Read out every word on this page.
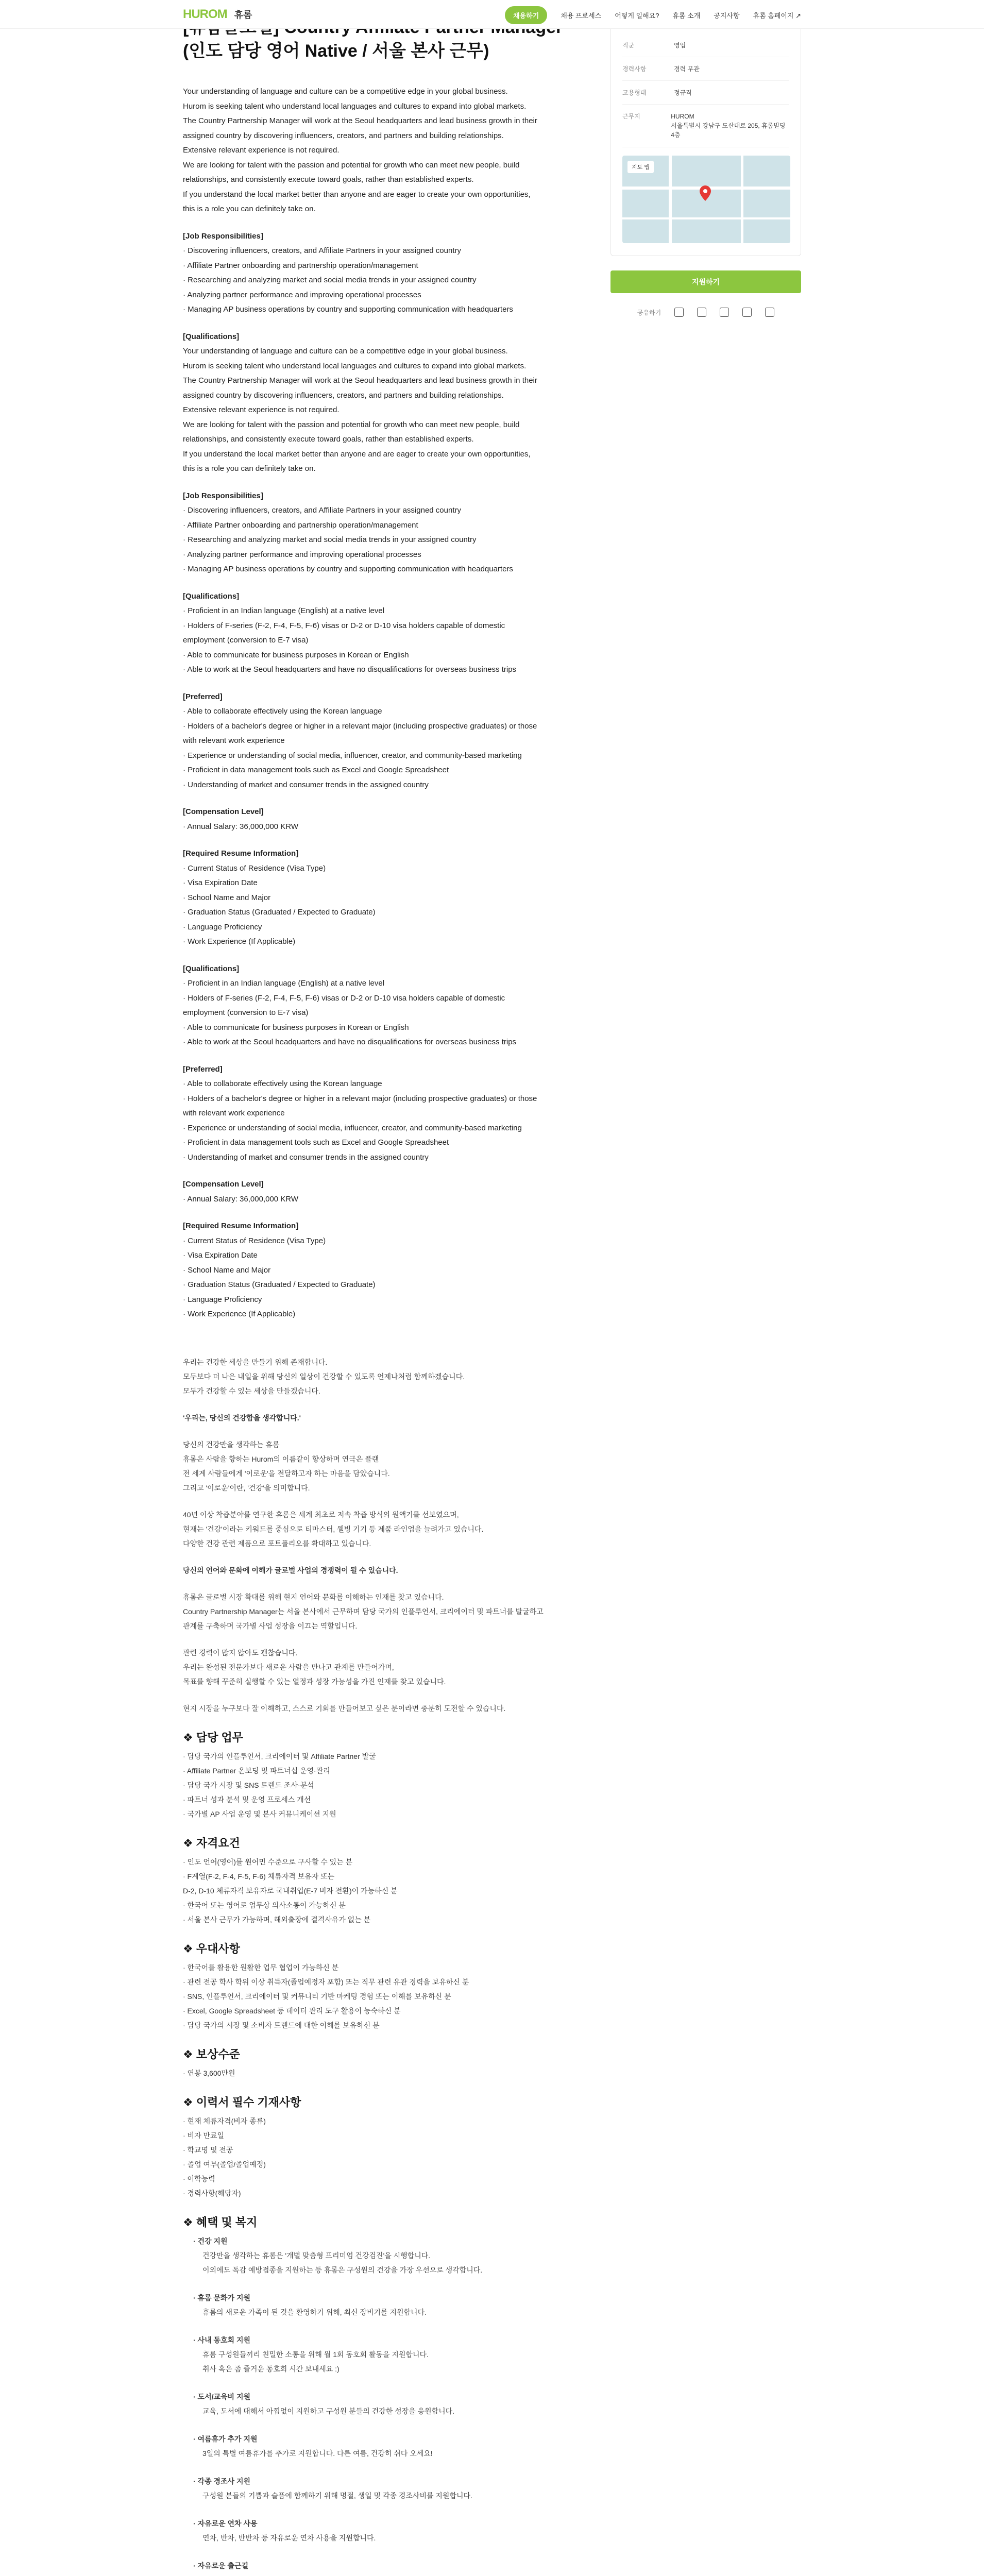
HUROM 휴롬	채용하기	채용 프로세스 어떻게 일해요? 휴롬 소개 공지사항 휴롬 홈페이지 ↗
(인도 담당 영어 Native / 서울 본사 근무)
Your understanding of language and culture can be a competitive edge in your global business.
Hurom is seeking talent who understand local languages and cultures to expand into global markets.
The Country Partnership Manager will work at the Seoul headquarters and lead business growth in their
assigned country by discovering influencers, creators, and partners and building relationships.
Extensive relevant experience is not required.
We are looking for talent with the passion and potential for growth who can meet new people, build
relationships, and consistently execute toward goals, rather than established experts.
If you understand the local market better than anyone and are eager to create your own opportunities,
this is a role you can definitely take on.
[Job Responsibilities]
· Discovering influencers, creators, and Affiliate Partners in your assigned country
· Affiliate Partner onboarding and partnership operation/management
· Researching and analyzing market and social media trends in your assigned country
· Analyzing partner performance and improving operational processes
· Managing AP business operations by country and supporting communication with headquarters
[Qualifications]
Your understanding of language and culture can be a competitive edge in your global business.
Hurom is seeking talent who understand local languages and cultures to expand into global markets.
The Country Partnership Manager will work at the Seoul headquarters and lead business growth in their
assigned country by discovering influencers, creators, and partners and building relationships.
Extensive relevant experience is not required.
We are looking for talent with the passion and potential for growth who can meet new people, build
relationships, and consistently execute toward goals, rather than established experts.
If you understand the local market better than anyone and are eager to create your own opportunities,
this is a role you can definitely take on.
[Job Responsibilities]
· Discovering influencers, creators, and Affiliate Partners in your assigned country
· Affiliate Partner onboarding and partnership operation/management
· Researching and analyzing market and social media trends in your assigned country
· Analyzing partner performance and improving operational processes
· Managing AP business operations by country and supporting communication with headquarters
[Qualifications]
· Proficient in an Indian language (English) at a native level
· Holders of F-series (F-2, F-4, F-5, F-6) visas or D-2 or D-10 visa holders capable of domestic
employment (conversion to E-7 visa)
· Able to communicate for business purposes in Korean or English
· Able to work at the Seoul headquarters and have no disqualifications for overseas business trips
[Preferred]
· Able to collaborate effectively using the Korean language
· Holders of a bachelor's degree or higher in a relevant major (including prospective graduates) or those
with relevant work experience
· Experience or understanding of social media, influencer, creator, and community-based marketing
· Proficient in data management tools such as Excel and Google Spreadsheet
· Understanding of market and consumer trends in the assigned country
[Compensation Level]
· Annual Salary: 36,000,000 KRW
[Required Resume Information]
· Current Status of Residence (Visa Type)
· Visa Expiration Date
· School Name and Major
· Graduation Status (Graduated / Expected to Graduate)
· Language Proficiency
· Work Experience (If Applicable)
[Qualifications]
· Proficient in an Indian language (English) at a native level
· Holders of F-series (F-2, F-4, F-5, F-6) visas or D-2 or D-10 visa holders capable of domestic
employment (conversion to E-7 visa)
· Able to communicate for business purposes in Korean or English
· Able to work at the Seoul headquarters and have no disqualifications for overseas business trips
[Preferred]
· Able to collaborate effectively using the Korean language
· Holders of a bachelor's degree or higher in a relevant major (including prospective graduates) or those
with relevant work experience
· Experience or understanding of social media, influencer, creator, and community-based marketing
· Proficient in data management tools such as Excel and Google Spreadsheet
· Understanding of market and consumer trends in the assigned country
[Compensation Level]
· Annual Salary: 36,000,000 KRW
[Required Resume Information]
· Current Status of Residence (Visa Type)
· Visa Expiration Date
· School Name and Major
· Graduation Status (Graduated / Expected to Graduate)
· Language Proficiency
· Work Experience (If Applicable)
우리는 건강한 세상을 만들기 위해 존재합니다.
모두보다 더 나은 내일을 위해 당신의 일상이 건강할 수 있도록 언제나처럼 함께하겠습니다.
모두가 건강할 수 있는 세상을 만들겠습니다.
'우리는, 당신의 건강함을 생각합니다.'
당신의 건강만을 생각하는 휴롬
휴롬은 사람을 향하는 Hurom의 이름같이 향상하며 연극은 플랜
전 세계 사람들에게 '이로운'을 전달하고자 하는 마음을 담았습니다.
그리고 '이로운'이란, '건강'을 의미합니다.
40년 이상 착즙분야를 연구한 휴롬은 세계 최초로 저속 착즙 방식의 원액기를 선보였으며,
현재는 '건강'이라는 키워드를 중심으로 티마스터, 웰빙 기기 등 제품 라인업을 늘려가고 있습니다.
다양한 건강 관련 제품으로 포트폴리오를 확대하고 있습니다.
당신의 언어와 문화에 이해가 글로벌 사업의 경쟁력이 될 수 있습니다.
휴롬은 글로벌 시장 확대를 위해 현지 언어와 문화를 이해하는 인재를 찾고 있습니다.
Country Partnership Manager는 서울 본사에서 근무하며 담당 국가의 인플루언서, 크리에이터 및 파트너를 발굴하고
관계를 구축하며 국가별 사업 성장을 이끄는 역할입니다.
관련 경력이 많지 않아도 괜찮습니다.
우리는 완성된 전문가보다 새로운 사람을 만나고 관계를 만들어가며,
목표를 향해 꾸준히 실행할 수 있는 열정과 성장 가능성을 가진 인재를 찾고 있습니다.
현지 시장을 누구보다 잘 이해하고, 스스로 기회를 만들어보고 싶은 분이라면 충분히 도전할 수 있습니다.
❖ 담당 업무
· 담당 국가의 인플루언서, 크리에이터 및 Affiliate Partner 발굴
· Affiliate Partner 온보딩 및 파트너십 운영·관리
· 담당 국가 시장 및 SNS 트렌드 조사·분석
· 파트너 성과 분석 및 운영 프로세스 개선
· 국가별 AP 사업 운영 및 본사 커뮤니케이션 지원
❖ 자격요건
· 인도 언어(영어)를 원어민 수준으로 구사할 수 있는 분
· F계열(F-2, F-4, F-5, F-6) 체류자격 보유자 또는
D-2, D-10 체류자격 보유자로 국내취업(E-7 비자 전환)이 가능하신 분
· 한국어 또는 영어로 업무상 의사소통이 가능하신 분
· 서울 본사 근무가 가능하며, 해외출장에 결격사유가 없는 분
❖ 우대사항
· 한국어를 활용한 원활한 업무 협업이 가능하신 분
· 관련 전공 학사 학위 이상 취득자(졸업예정자 포함) 또는 직무 관련 유관 경력을 보유하신 분
· SNS, 인플루언서, 크리에이터 및 커뮤니티 기반 마케팅 경험 또는 이해를 보유하신 분
· Excel, Google Spreadsheet 등 데이터 관리 도구 활용이 능숙하신 분
· 담당 국가의 시장 및 소비자 트렌드에 대한 이해를 보유하신 분
❖ 보상수준
· 연봉 3,600만원
❖ 이력서 필수 기재사항
· 현재 체류자격(비자 종류)
· 비자 만료일
· 학교명 및 전공
· 졸업 여부(졸업/졸업예정)
· 어학능력
· 경력사항(해당자)
❖ 혜택 및 복지
· 건강 지원
건강만을 생각하는 휴롬은 '개별 맞춤형 프리미엄 건강검진'을 시행합니다.
이외에도 독감 예방접종을 지원하는 등 휴롬은 구성원의 건강을 가장 우선으로 생각합니다.
· 휴롬 문화가 지원
휴롬의 새로운 가족이 된 것을 환영하기 위해, 최신 장비기를 지원합니다.
· 사내 동호회 지원
휴롬 구성원들끼리 친밀한 소통을 위해 월 1회 동호회 활동을 지원합니다.
취사 혹은 좀 즐거운 동호회 시간 보내세요 :)
· 도서/교육비 지원
교육, 도서에 대해서 아낌없이 지원하고 구성원 분들의 건강한 성장을 응원합니다.
· 여름휴가 추가 지원
3일의 특별 여름휴가를 추가로 지원합니다. 다른 여름, 건강히 쉬다 오세요!
· 각종 경조사 지원
구성원 분들의 기쁨과 슬픔에 함께하기 위해 명절, 생일 및 각종 경조사비를 지원합니다.
· 자유로운 연차 사용
연차, 반차, 반반차 등 자유로운 연차 사용을 지원합니다.
· 자유로운 출근길
직군	영업
경력사항	경력 무관
고용형태	정규직
근무지	HUROM
서울특별시 강남구 도산대로 205, 휴롬빌딩 4층
지도 앱
지원하기
공유하기
